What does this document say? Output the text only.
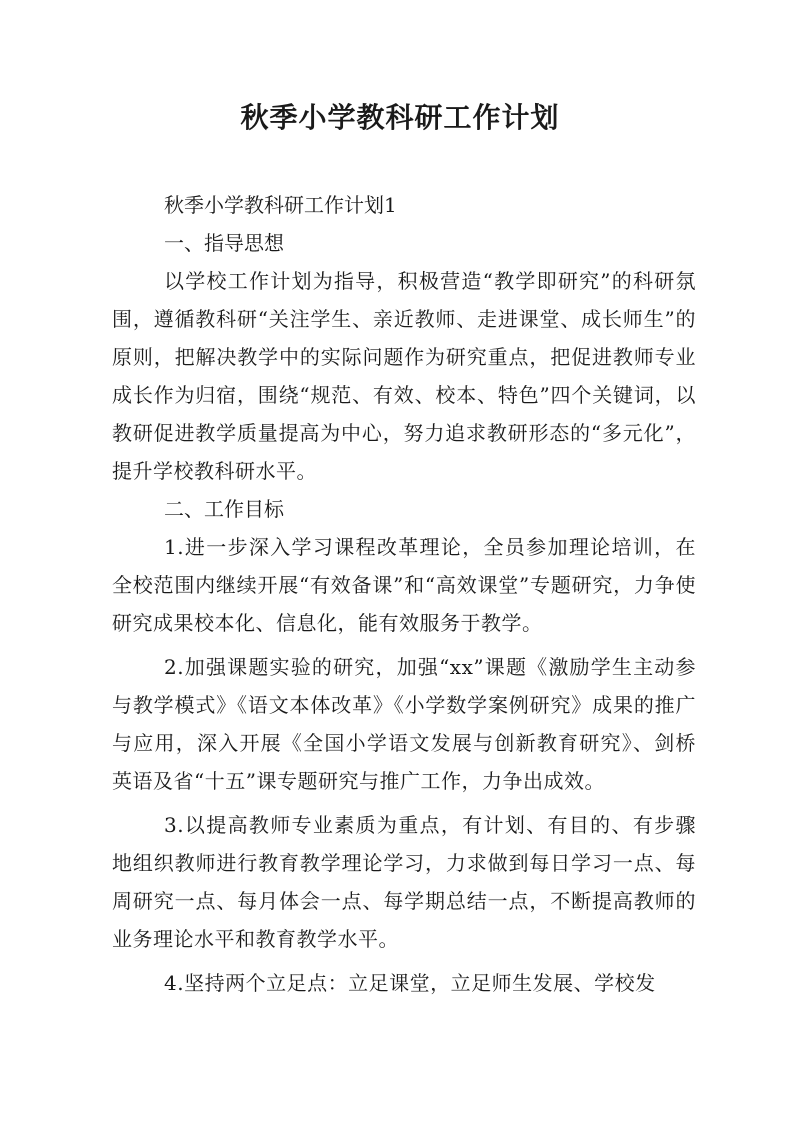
秋季小学教科研工作计划

秋季小学教科研工作计划1

一、指导思想

以学校工作计划为指导，积极营造“教学即研究”的科研氛围，遵循教科研“关注学生、亲近教师、走进课堂、成长师生”的原则，把解决教学中的实际问题作为研究重点，把促进教师专业成长作为归宿，围绕“规范、有效、校本、特色”四个关键词，以教研促进教学质量提高为中心，努力追求教研形态的“多元化”，提升学校教科研水平。

二、工作目标

1.进一步深入学习课程改革理论，全员参加理论培训，在全校范围内继续开展“有效备课”和“高效课堂”专题研究，力争使研究成果校本化、信息化，能有效服务于教学。

2.加强课题实验的研究，加强“xx”课题《激励学生主动参与教学模式》《语文本体改革》《小学数学案例研究》成果的推广与应用，深入开展《全国小学语文发展与创新教育研究》、剑桥英语及省“十五”课专题研究与推广工作，力争出成效。

3.以提高教师专业素质为重点，有计划、有目的、有步骤地组织教师进行教育教学理论学习，力求做到每日学习一点、每周研究一点、每月体会一点、每学期总结一点，不断提高教师的业务理论水平和教育教学水平。

4.坚持两个立足点：立足课堂，立足师生发展、学校发
